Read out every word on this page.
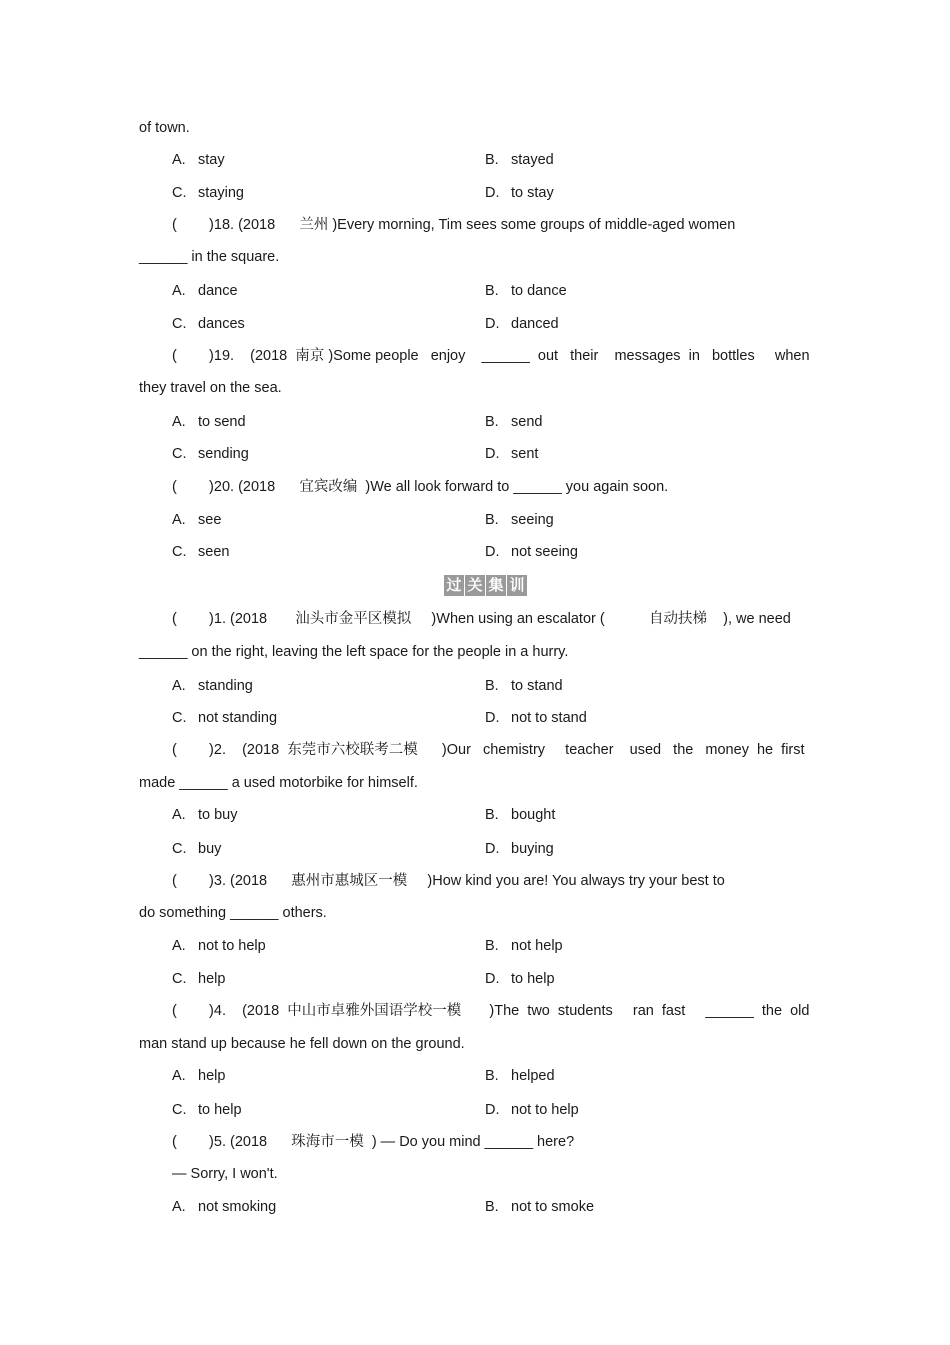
of town.
A. stay	B. stayed
C. staying	D. to stay
(        )18. (2018      兰州 )Every morning, Tim sees some groups of middle-aged women
______ in the square.
A. dance	B. to dance
C. dances	D. danced
(        )19.    (2018  南京 )Some people   enjoy    ______  out   their    messages  in   bottles     when
they travel on the sea.
A. to send	B. send
C. sending	D. sent
(        )20. (2018      宜宾改编  )We all look forward to ______ you again soon.
A. see	B. seeing
C. seen	D. not seeing
过 关 集 训
(        )1. (2018       汕头市金平区模拟     )When using an escalator (           自动扶梯    ), we need
______ on the right, leaving the left space for the people in a hurry.
A. standing	B. to stand
C. not standing	D. not to stand
(        )2.    (2018  东莞市六校联考二模      )Our   chemistry     teacher    used   the   money  he  first
made ______ a used motorbike for himself.
A. to buy	B. bought
C. buy	D. buying
(        )3. (2018      惠州市惠城区一模     )How kind you are! You always try your best to
do something ______ others.
A. not to help	B. not help
C. help	D. to help
(        )4.    (2018  中山市卓雅外国语学校一模       )The  two  students     ran  fast     ______  the  old
man stand up because he fell down on the ground.
A. help	B. helped
C. to help	D. not to help
(        )5. (2018      珠海市一模  ) — Do you mind ______ here?
— Sorry, I won't.
A. not smoking	B. not to smoke
